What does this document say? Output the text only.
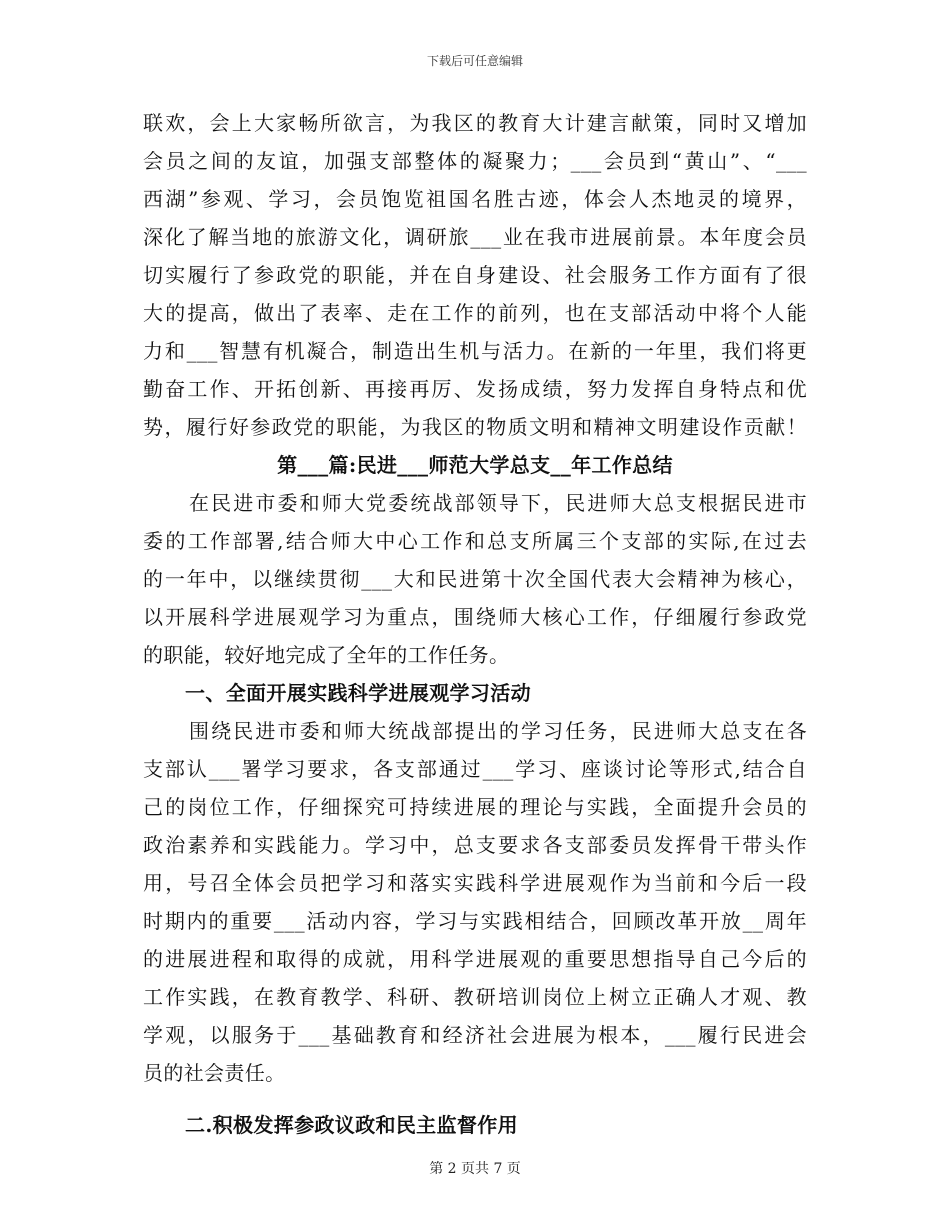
下载后可任意编辑
联欢，会上大家畅所欲言，为我区的教育大计建言献策，同时又增加
会员之间的友谊，加强支部整体的凝聚力；___会员到“黄山”、“___
西湖”参观、学习，会员饱览祖国名胜古迹，体会人杰地灵的境界，
深化了解当地的旅游文化，调研旅___业在我市进展前景。本年度会员
切实履行了参政党的职能，并在自身建设、社会服务工作方面有了很
大的提高，做出了表率、走在工作的前列，也在支部活动中将个人能
力和___智慧有机凝合，制造出生机与活力。在新的一年里，我们将更
勤奋工作、开拓创新、再接再厉、发扬成绩，努力发挥自身特点和优
势，履行好参政党的职能，为我区的物质文明和精神文明建设作贡献！
第___篇:民进___师范大学总支__年工作总结
在民进市委和师大党委统战部领导下，民进师大总支根据民进市
委的工作部署,结合师大中心工作和总支所属三个支部的实际,在过去
的一年中，以继续贯彻___大和民进第十次全国代表大会精神为核心，
以开展科学进展观学习为重点，围绕师大核心工作，仔细履行参政党
的职能，较好地完成了全年的工作任务。
一、全面开展实践科学进展观学习活动
围绕民进市委和师大统战部提出的学习任务，民进师大总支在各
支部认___署学习要求，各支部通过___学习、座谈讨论等形式,结合自
己的岗位工作，仔细探究可持续进展的理论与实践，全面提升会员的
政治素养和实践能力。学习中，总支要求各支部委员发挥骨干带头作
用，号召全体会员把学习和落实实践科学进展观作为当前和今后一段
时期内的重要___活动内容，学习与实践相结合，回顾改革开放__周年
的进展进程和取得的成就，用科学进展观的重要思想指导自己今后的
工作实践，在教育教学、科研、教研培训岗位上树立正确人才观、教
学观，以服务于___基础教育和经济社会进展为根本，___履行民进会
员的社会责任。
二.积极发挥参政议政和民主监督作用
第 2 页共 7 页
